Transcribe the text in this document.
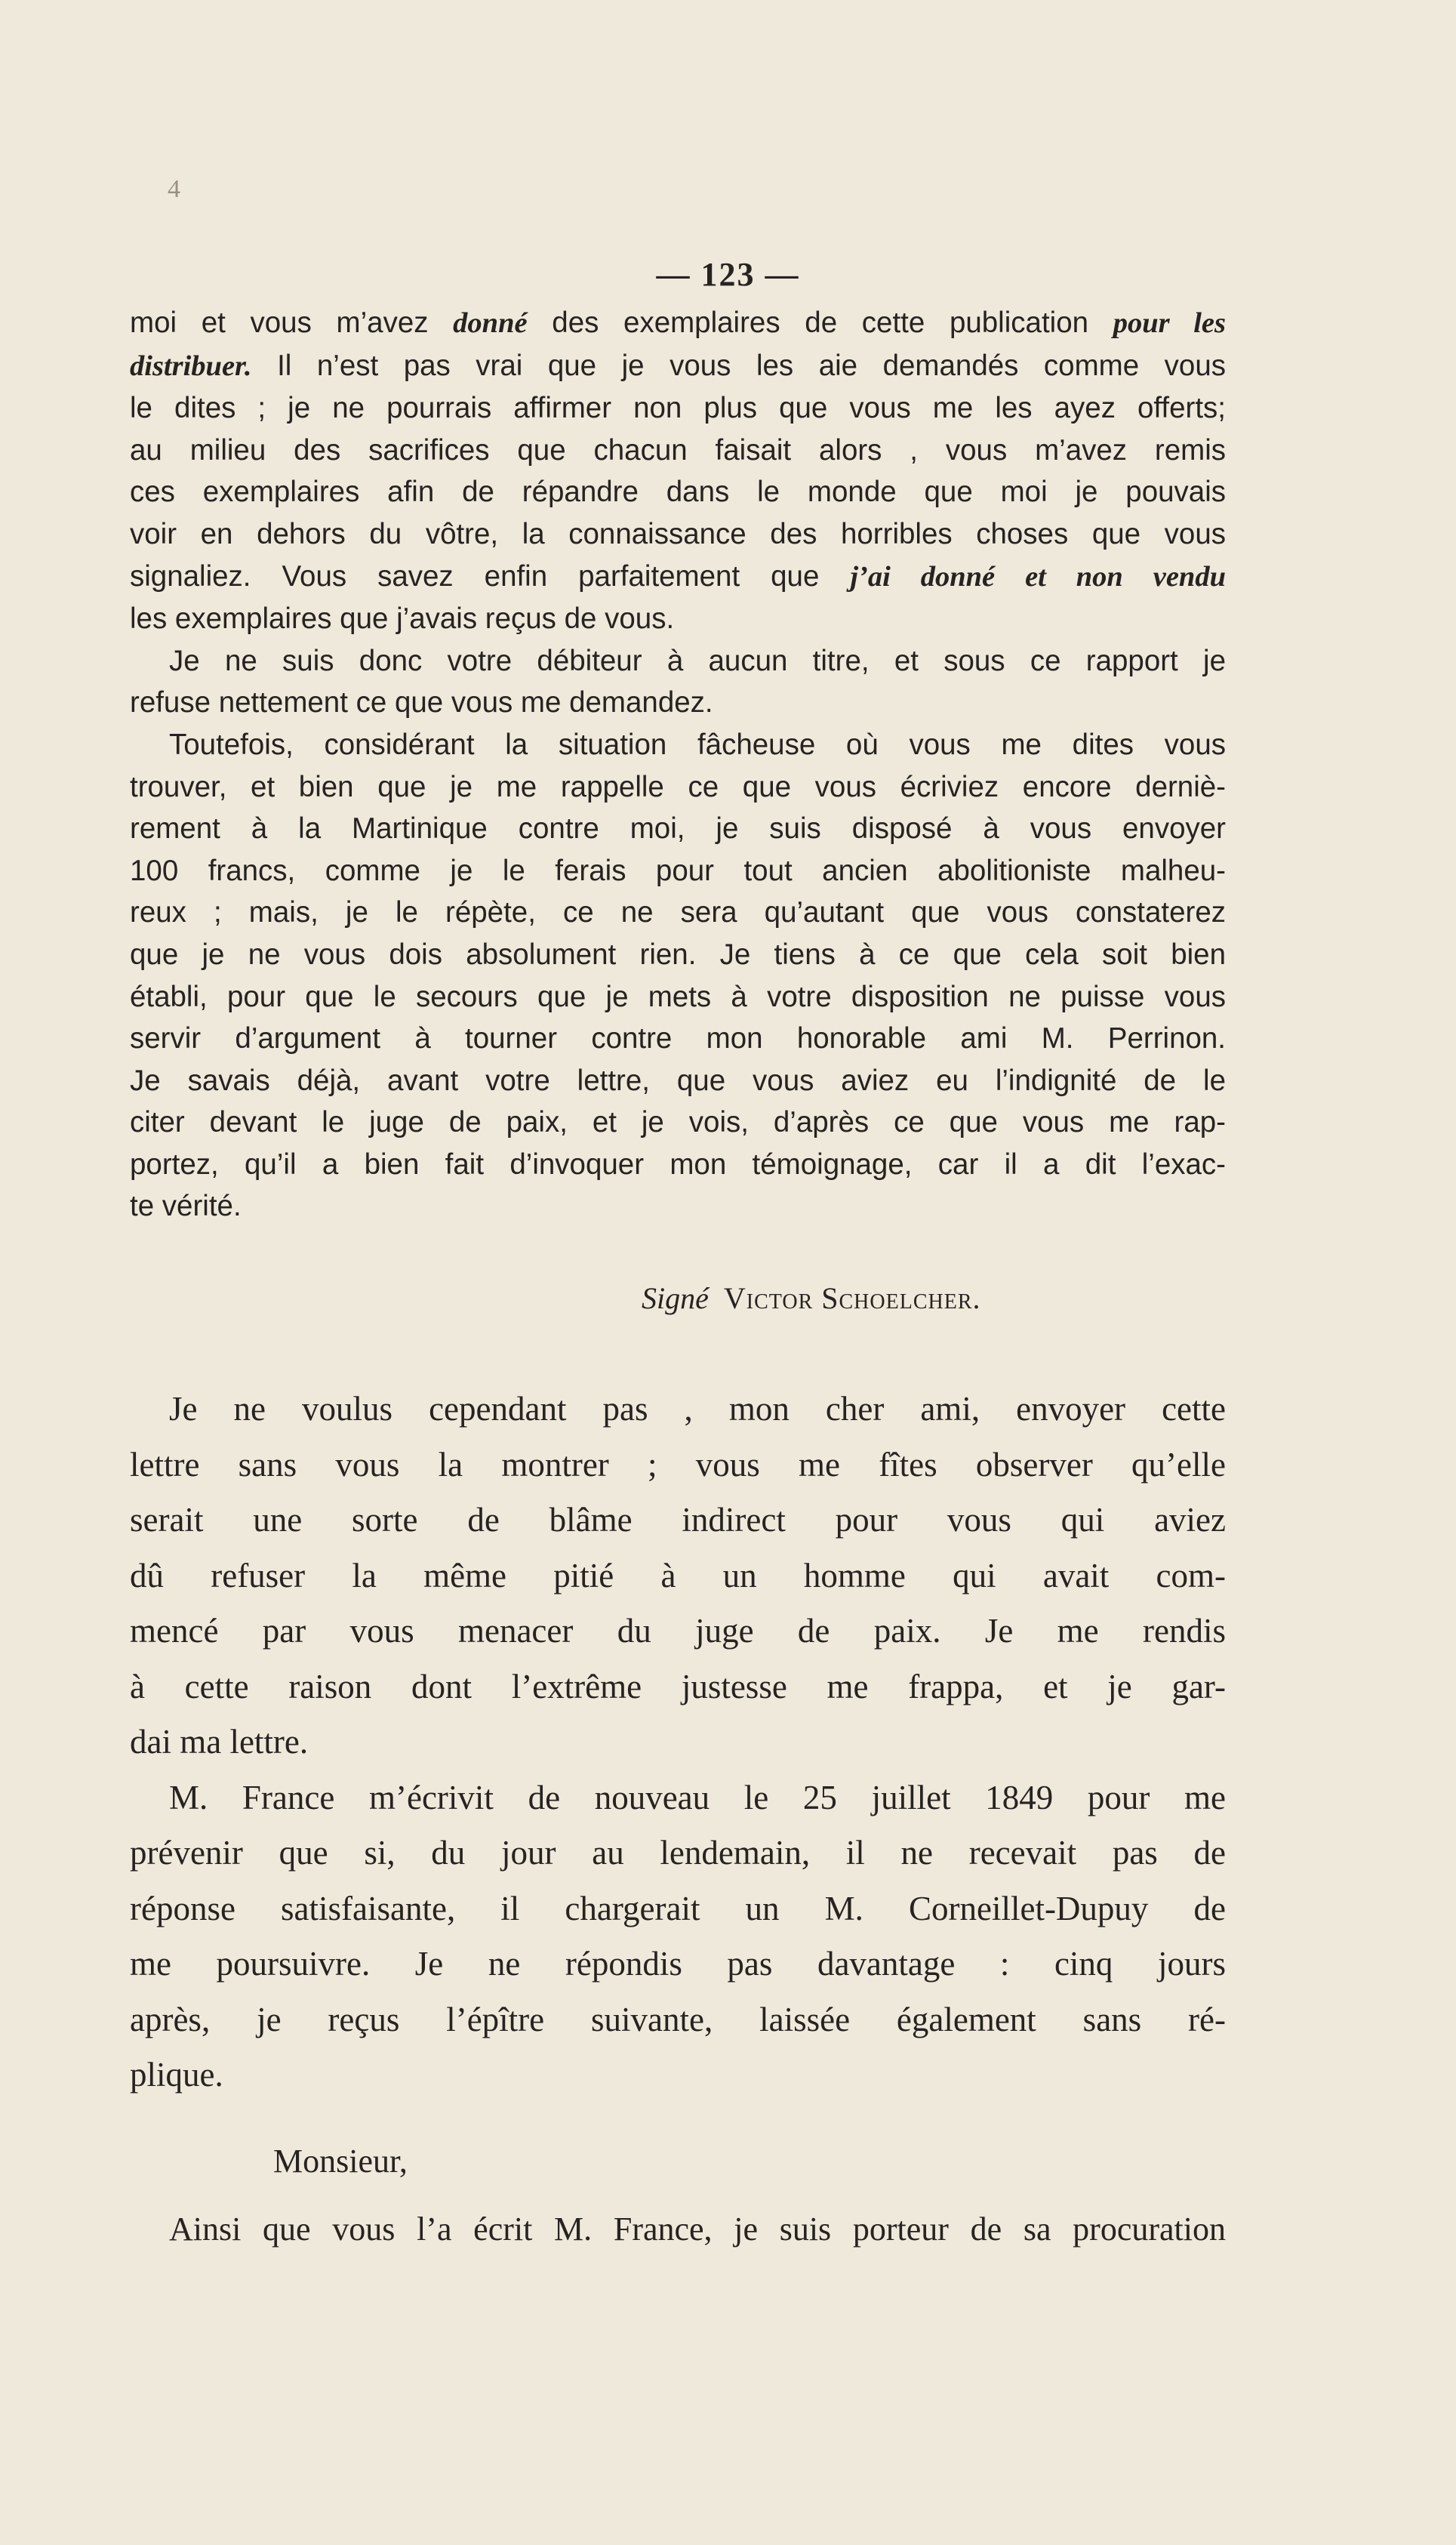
4
— 123 —
moi et vous m’avez donné des exemplaires de cette publication pour les
distribuer. Il n’est pas vrai que je vous les aie demandés comme vous
le dites ; je ne pourrais affirmer non plus que vous me les ayez offerts;
au milieu des sacrifices que chacun faisait alors , vous m’avez remis
ces exemplaires afin de répandre dans le monde que moi je pouvais
voir en dehors du vôtre, la connaissance des horribles choses que vous
signaliez. Vous savez enfin parfaitement que j’ai donné et non vendu
les exemplaires que j’avais reçus de vous.
Je ne suis donc votre débiteur à aucun titre, et sous ce rapport je
refuse nettement ce que vous me demandez.
Toutefois, considérant la situation fâcheuse où vous me dites vous
trouver, et bien que je me rappelle ce que vous écriviez encore derniè-
rement à la Martinique contre moi, je suis disposé à vous envoyer
100 francs, comme je le ferais pour tout ancien abolitioniste malheu-
reux ; mais, je le répète, ce ne sera qu’autant que vous constaterez
que je ne vous dois absolument rien. Je tiens à ce que cela soit bien
établi, pour que le secours que je mets à votre disposition ne puisse vous
servir d’argument à tourner contre mon honorable ami M. Perrinon.
Je savais déjà, avant votre lettre, que vous aviez eu l’indignité de le
citer devant le juge de paix, et je vois, d’après ce que vous me rap-
portez, qu’il a bien fait d’invoquer mon témoignage, car il a dit l’exac-
te vérité.
Signé Victor Schoelcher.
Je ne voulus cependant pas , mon cher ami, envoyer cette
lettre sans vous la montrer ; vous me fîtes observer qu’elle
serait une sorte de blâme indirect pour vous qui aviez
dû refuser la même pitié à un homme qui avait com-
mencé par vous menacer du juge de paix. Je me rendis
à cette raison dont l’extrême justesse me frappa, et je gar-
dai ma lettre.
M. France m’écrivit de nouveau le 25 juillet 1849 pour me
prévenir que si, du jour au lendemain, il ne recevait pas de
réponse satisfaisante, il chargerait un M. Corneillet-Dupuy de
me poursuivre. Je ne répondis pas davantage : cinq jours
après, je reçus l’épître suivante, laissée également sans ré-
plique.
Monsieur,
Ainsi que vous l’a écrit M. France, je suis porteur de sa procuration
